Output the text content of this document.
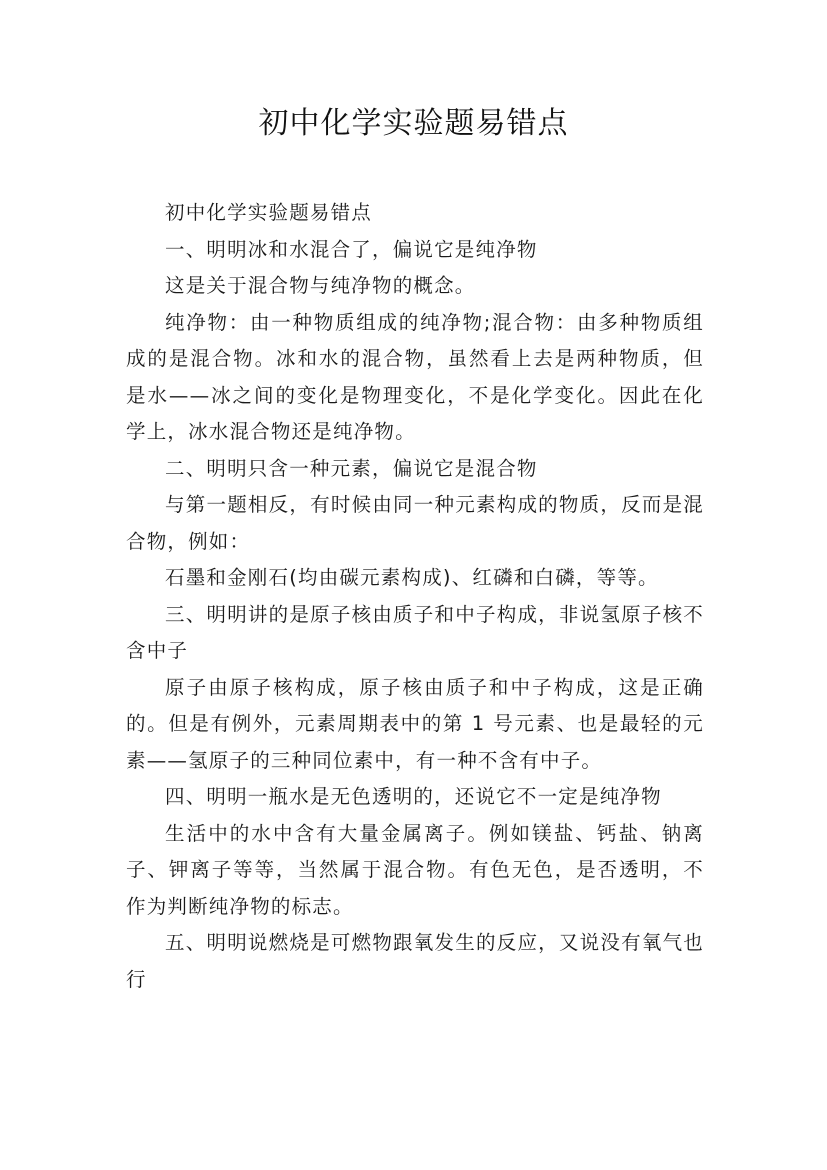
初中化学实验题易错点

初中化学实验题易错点

一、明明冰和水混合了，偏说它是纯净物

这是关于混合物与纯净物的概念。

纯净物：由一种物质组成的纯净物;混合物：由多种物质组成的是混合物。冰和水的混合物，虽然看上去是两种物质，但是水——冰之间的变化是物理变化，不是化学变化。因此在化学上，冰水混合物还是纯净物。

二、明明只含一种元素，偏说它是混合物

与第一题相反，有时候由同一种元素构成的物质，反而是混合物，例如：

石墨和金刚石(均由碳元素构成)、红磷和白磷，等等。

三、明明讲的是原子核由质子和中子构成，非说氢原子核不含中子

原子由原子核构成，原子核由质子和中子构成，这是正确的。但是有例外，元素周期表中的第 1 号元素、也是最轻的元素——氢原子的三种同位素中，有一种不含有中子。

四、明明一瓶水是无色透明的，还说它不一定是纯净物

生活中的水中含有大量金属离子。例如镁盐、钙盐、钠离子、钾离子等等，当然属于混合物。有色无色，是否透明，不作为判断纯净物的标志。

五、明明说燃烧是可燃物跟氧发生的反应，又说没有氧气也行
